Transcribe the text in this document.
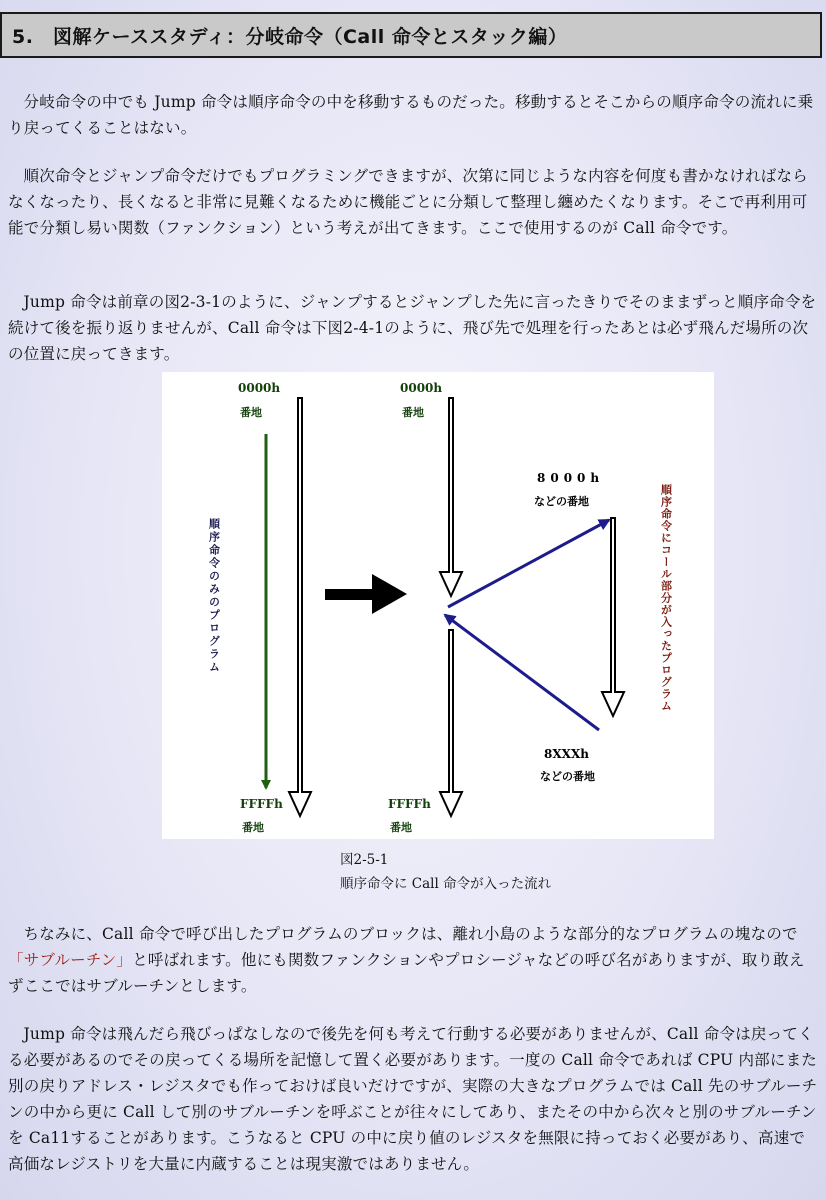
5.　図解ケーススタディ：分岐命令（Call 命令とスタック編）

分岐命令の中でも Jump 命令は順序命令の中を移動するものだった。移動するとそこからの順序命令の流れに乗り戻ってくることはない。

順次命令とジャンプ命令だけでもプログラミングできますが、次第に同じような内容を何度も書かなければならなくなったり、長くなると非常に見難くなるために機能ごとに分類して整理し纏めたくなります。そこで再利用可能で分類し易い関数（ファンクション）という考えが出てきます。ここで使用するのが Call 命令です。

Jump 命令は前章の図2-3-1のように、ジャンプするとジャンプした先に言ったきりでそのままずっと順序命令を続けて後を振り返りませんが、Call 命令は下図2-4-1のように、飛び先で処理を行ったあとは必ず飛んだ場所の次の位置に戻ってきます。

0000h
番地
順序命令のみのプログラム
FFFFh
番地
0000h
番地
8000h
などの番地
8XXXh
などの番地
順序命令にコール部分が入ったプログラム
FFFFh
番地
図2-5-1
順序命令に Call 命令が入った流れ

ちなみに、Call 命令で呼び出したプログラムのブロックは、離れ小島のような部分的なプログラムの塊なので「サブルーチン」と呼ばれます。他にも関数ファンクションやプロシージャなどの呼び名がありますが、取り敢えずここではサブルーチンとします。

Jump 命令は飛んだら飛びっぱなしなので後先を何も考えて行動する必要がありませんが、Call 命令は戻ってくる必要があるのでその戻ってくる場所を記憶して置く必要があります。一度の Call 命令であれば CPU 内部にまた別の戻りアドレス・レジスタでも作っておけば良いだけですが、実際の大きなプログラムでは Call 先のサブルーチンの中から更に Call して別のサブルーチンを呼ぶことが往々にしてあり、またその中から次々と別のサブルーチンを Ca11することがあります。こうなると CPU の中に戻り値のレジスタを無限に持っておく必要があり、高速で高価なレジストリを大量に内蔵することは現実激ではありません。
